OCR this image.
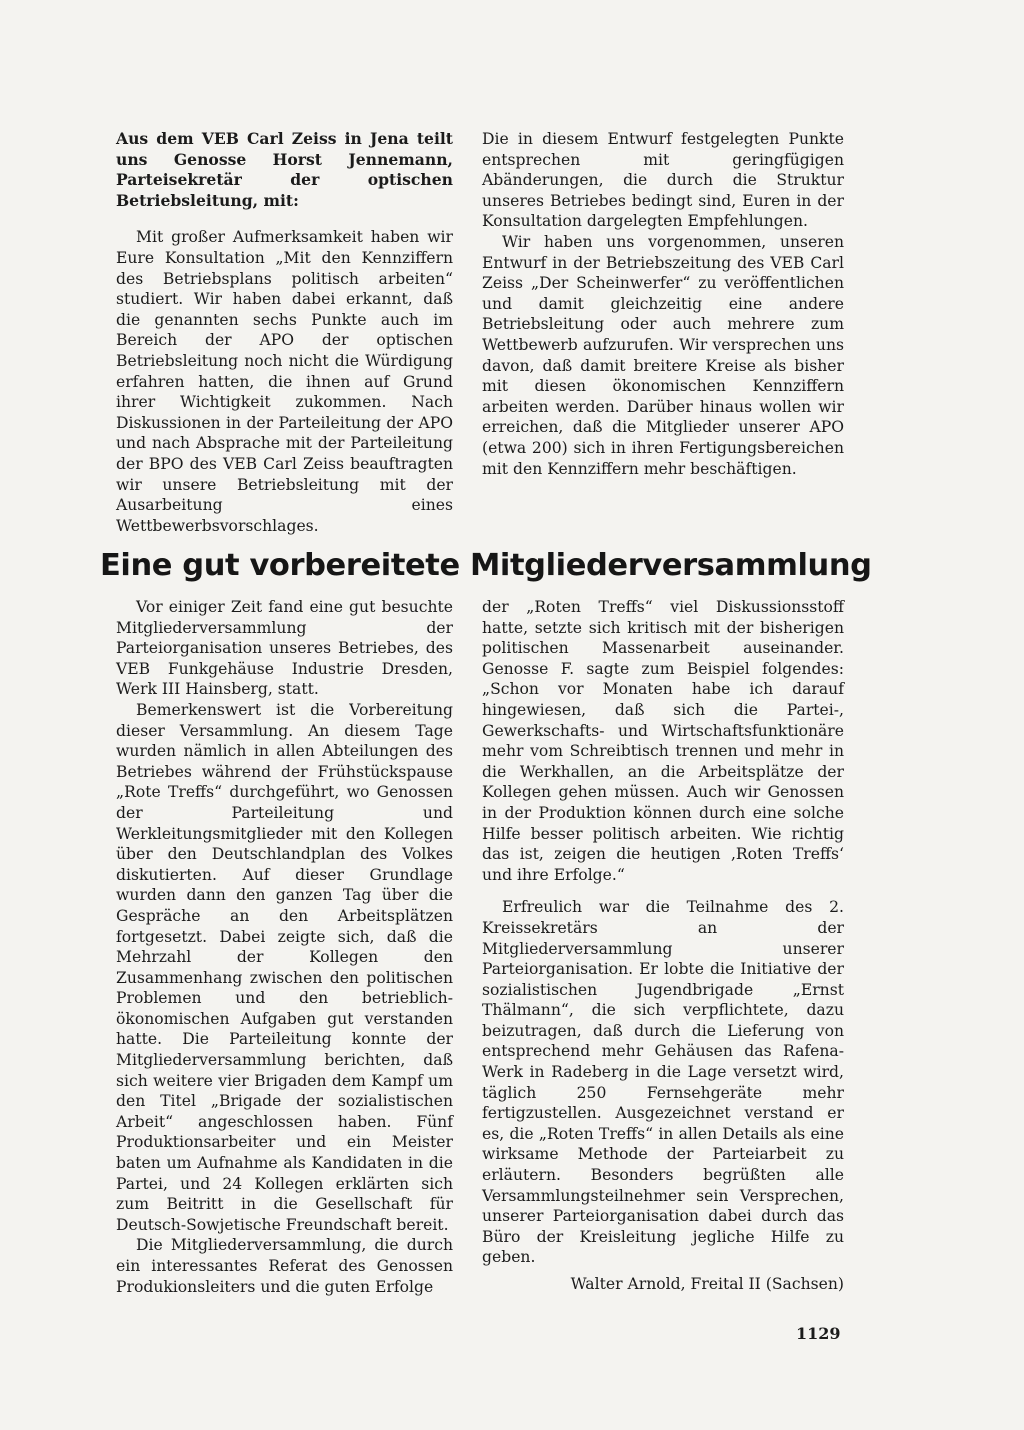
Aus dem VEB Carl Zeiss in Jena teilt uns Genosse Horst Jennemann, Parteisekretär der optischen Betriebsleitung, mit:

Mit großer Aufmerksamkeit haben wir Eure Konsultation „Mit den Kennziffern des Betriebsplans politisch arbeiten“ studiert. Wir haben dabei erkannt, daß die genannten sechs Punkte auch im Bereich der APO der optischen Betriebsleitung noch nicht die Würdigung erfahren hatten, die ihnen auf Grund ihrer Wichtigkeit zukommen. Nach Diskussionen in der Parteileitung der APO und nach Absprache mit der Parteileitung der BPO des VEB Carl Zeiss beauftragten wir unsere Betriebsleitung mit der Ausarbeitung eines Wettbewerbsvorschlages.

Die in diesem Entwurf festgelegten Punkte entsprechen mit geringfügigen Abänderungen, die durch die Struktur unseres Betriebes bedingt sind, Euren in der Konsultation dargelegten Empfehlungen.

Wir haben uns vorgenommen, unseren Entwurf in der Betriebszeitung des VEB Carl Zeiss „Der Scheinwerfer“ zu veröffentlichen und damit gleichzeitig eine andere Betriebsleitung oder auch mehrere zum Wettbewerb aufzurufen. Wir versprechen uns davon, daß damit breitere Kreise als bisher mit diesen ökonomischen Kennziffern arbeiten werden. Darüber hinaus wollen wir erreichen, daß die Mitglieder unserer APO (etwa 200) sich in ihren Fertigungsbereichen mit den Kennziffern mehr beschäftigen.

Eine gut vorbereitete Mitgliederversammlung

Vor einiger Zeit fand eine gut besuchte Mitgliederversammlung der Parteiorganisation unseres Betriebes, des VEB Funkgehäuse Industrie Dresden, Werk III Hainsberg, statt.

Bemerkenswert ist die Vorbereitung dieser Versammlung. An diesem Tage wurden nämlich in allen Abteilungen des Betriebes während der Frühstückspause „Rote Treffs“ durchgeführt, wo Genossen der Parteileitung und Werkleitungsmitglieder mit den Kollegen über den Deutschlandplan des Volkes diskutierten. Auf dieser Grundlage wurden dann den ganzen Tag über die Gespräche an den Arbeitsplätzen fortgesetzt. Dabei zeigte sich, daß die Mehrzahl der Kollegen den Zusammenhang zwischen den politischen Problemen und den betrieblich-ökonomischen Aufgaben gut verstanden hatte. Die Parteileitung konnte der Mitgliederversammlung berichten, daß sich weitere vier Brigaden dem Kampf um den Titel „Brigade der sozialistischen Arbeit“ angeschlossen haben. Fünf Produktionsarbeiter und ein Meister baten um Aufnahme als Kandidaten in die Partei, und 24 Kollegen erklärten sich zum Beitritt in die Gesellschaft für Deutsch-Sowjetische Freundschaft bereit.

Die Mitgliederversammlung, die durch ein interessantes Referat des Genossen Produkionsleiters und die guten Erfolge

der „Roten Treffs“ viel Diskussionsstoff hatte, setzte sich kritisch mit der bisherigen politischen Massenarbeit auseinander. Genosse F. sagte zum Beispiel folgendes: „Schon vor Monaten habe ich darauf hingewiesen, daß sich die Partei-, Gewerkschafts- und Wirtschaftsfunktionäre mehr vom Schreibtisch trennen und mehr in die Werkhallen, an die Arbeitsplätze der Kollegen gehen müssen. Auch wir Genossen in der Produktion können durch eine solche Hilfe besser politisch arbeiten. Wie richtig das ist, zeigen die heutigen ‚Roten Treffs‘ und ihre Erfolge.“

Erfreulich war die Teilnahme des 2. Kreissekretärs an der Mitgliederversammlung unserer Parteiorganisation. Er lobte die Initiative der sozialistischen Jugendbrigade „Ernst Thälmann“, die sich verpflichtete, dazu beizutragen, daß durch die Lieferung von entsprechend mehr Gehäusen das Rafena-Werk in Radeberg in die Lage versetzt wird, täglich 250 Fernsehgeräte mehr fertigzustellen. Ausgezeichnet verstand er es, die „Roten Treffs“ in allen Details als eine wirksame Methode der Parteiarbeit zu erläutern. Besonders begrüßten alle Versammlungsteilnehmer sein Versprechen, unserer Parteiorganisation dabei durch das Büro der Kreisleitung jegliche Hilfe zu geben.

Walter Arnold, Freital II (Sachsen)

1129
